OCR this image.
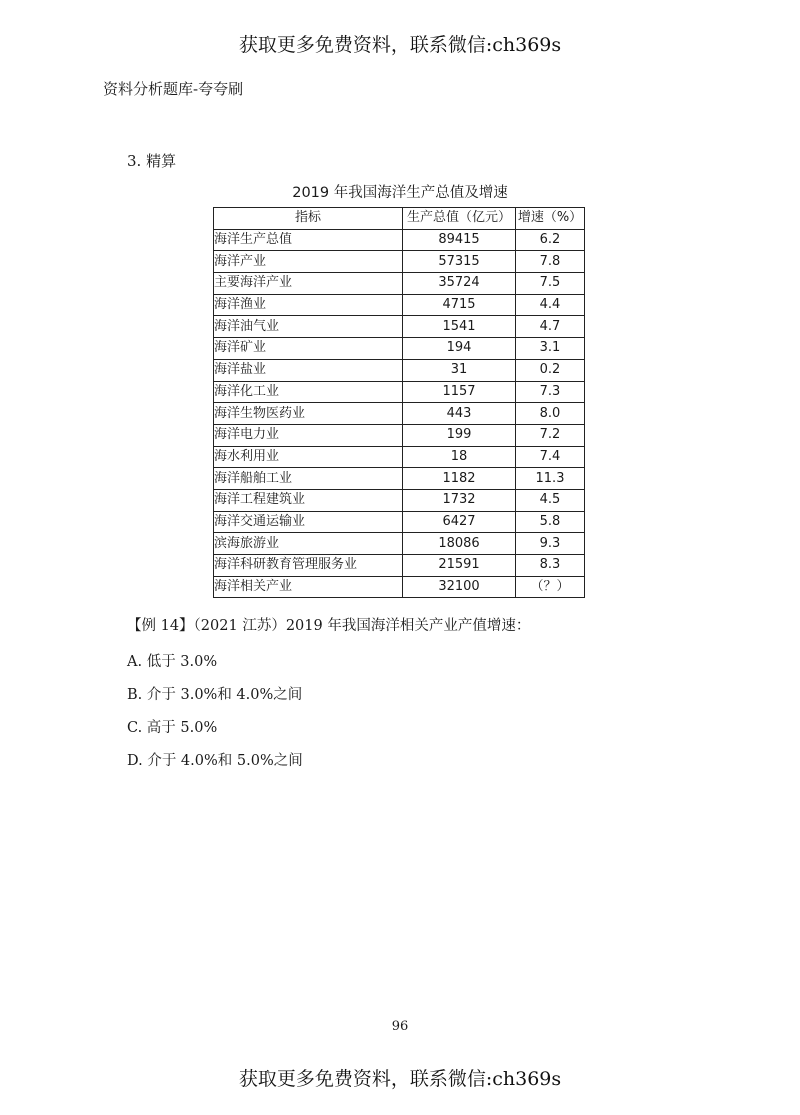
获取更多免费资料，联系微信:ch369s
资料分析题库-夸夸刷
3. 精算
2019 年我国海洋生产总值及增速
指标	生产总值（亿元）	增速（%）
海洋生产总值	89415	6.2
海洋产业	57315	7.8
主要海洋产业	35724	7.5
海洋渔业	4715	4.4
海洋油气业	1541	4.7
海洋矿业	194	3.1
海洋盐业	31	0.2
海洋化工业	1157	7.3
海洋生物医药业	443	8.0
海洋电力业	199	7.2
海水利用业	18	7.4
海洋船舶工业	1182	11.3
海洋工程建筑业	1732	4.5
海洋交通运输业	6427	5.8
滨海旅游业	18086	9.3
海洋科研教育管理服务业	21591	8.3
海洋相关产业	32100	（？）
【例 14】（2021 江苏）2019 年我国海洋相关产业产值增速：
A. 低于 3.0%
B. 介于 3.0%和 4.0%之间
C. 高于 5.0%
D. 介于 4.0%和 5.0%之间
96
获取更多免费资料，联系微信:ch369s
